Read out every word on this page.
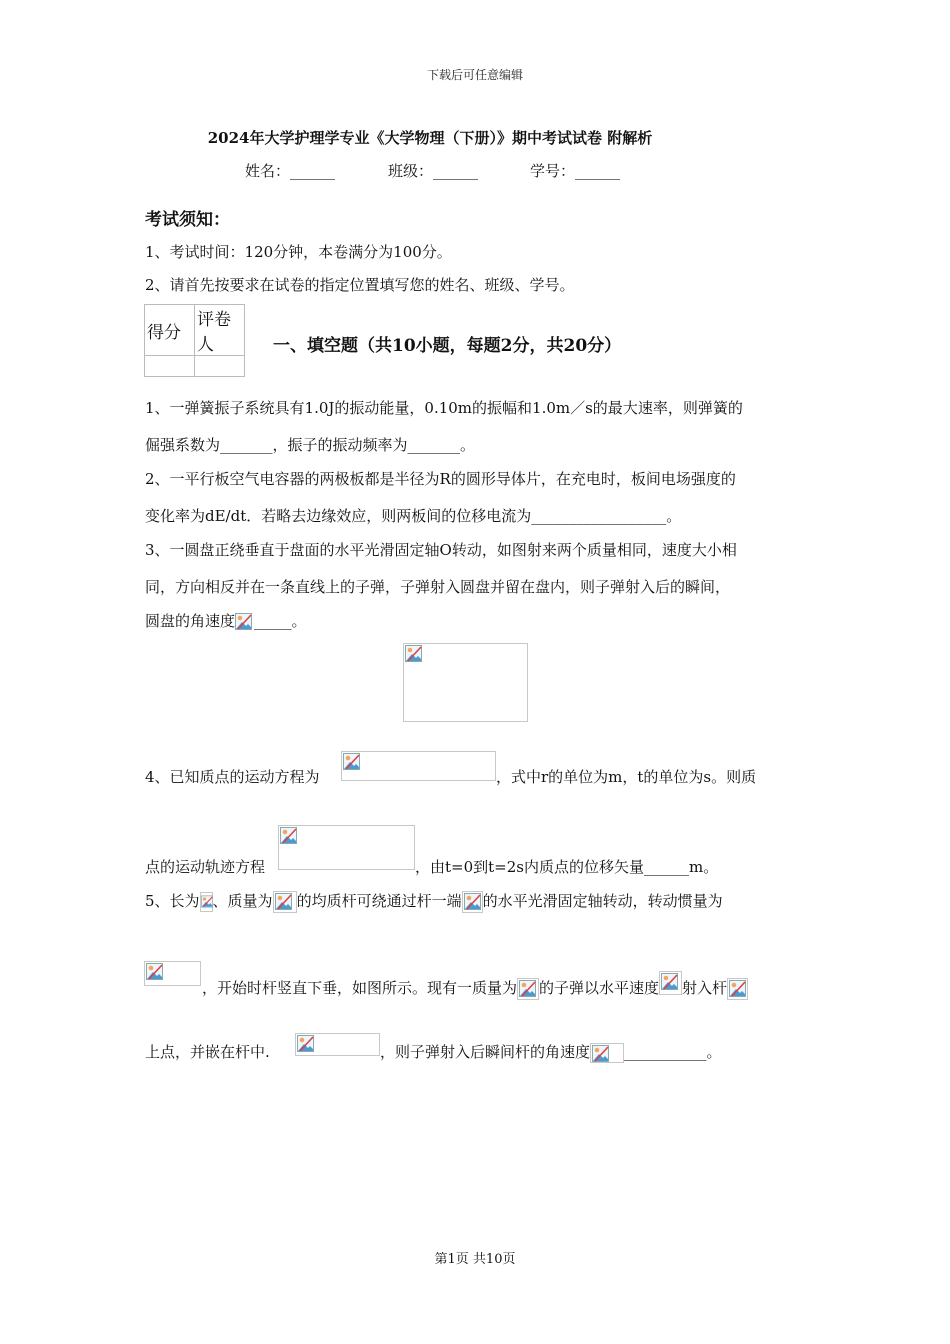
下载后可任意编辑
2024年大学护理学专业《大学物理（下册）》期中考试试卷 附解析
姓名：______	班级：______	学号：______
考试须知：
1、考试时间：120分钟，本卷满分为100分。
2、请首先按要求在试卷的指定位置填写您的姓名、班级、学号。
得分	评卷人
		一、填空题（共10小题，每题2分，共20分）
1、一弹簧振子系统具有1.0J的振动能量，0.10m的振幅和1.0m／s的最大速率，则弹簧的
倔强系数为_______，振子的振动频率为_______。
2、一平行板空气电容器的两极板都是半径为R的圆形导体片，在充电时，板间电场强度的
变化率为dE/dt．若略去边缘效应，则两板间的位移电流为__________________。
3、一圆盘正绕垂直于盘面的水平光滑固定轴O转动，如图射来两个质量相同，速度大小相
同，方向相反并在一条直线上的子弹，子弹射入圆盘并留在盘内，则子弹射入后的瞬间，
圆盘的角速度 _____。
4、已知质点的运动方程为	，式中r的单位为m，t的单位为s。则质
点的运动轨迹方程	，由t=0到t=2s内质点的位移矢量______m。
5、长为 、质量为 的均质杆可绕通过杆一端 的水平光滑固定轴转动，转动惯量为
，开始时杆竖直下垂，如图所示。现有一质量为 的子弹以水平速度 射入杆
上点，并嵌在杆中.	，则子弹射入后瞬间杆的角速度 ___________。
第1页 共10页
